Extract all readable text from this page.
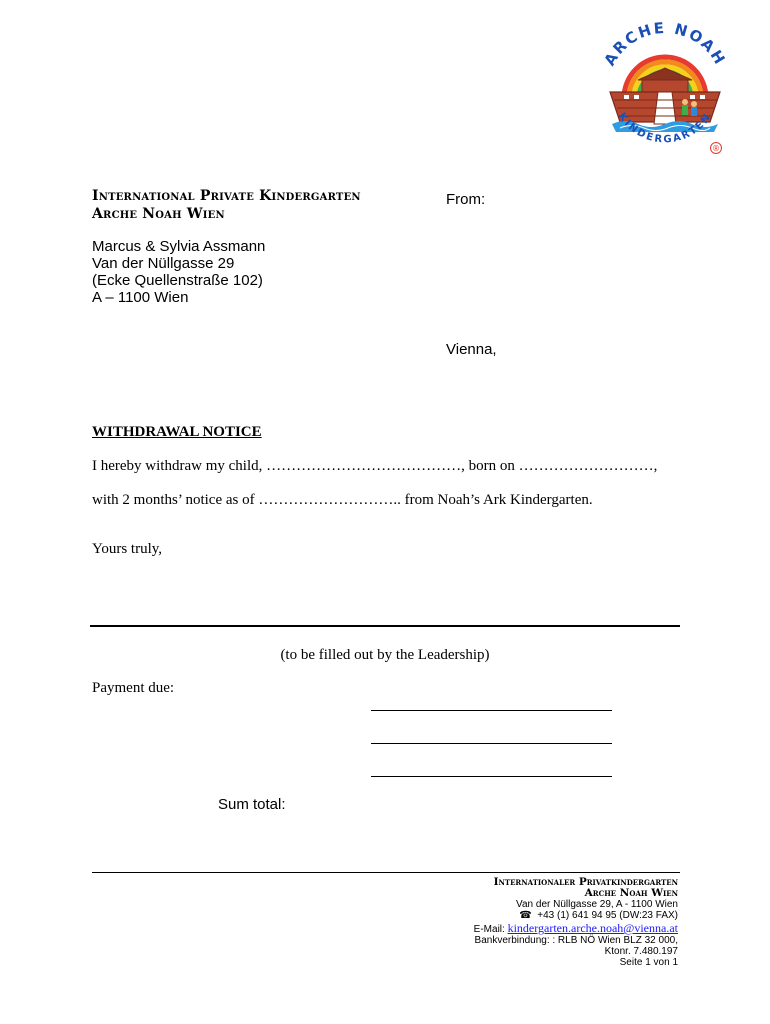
ARCHE NOAH
KINDERGARTEN
®
International Private Kindergarten
Arche Noah Wien
From:
Marcus & Sylvia Assmann
Van der Nüllgasse 29
(Ecke Quellenstraße 102)
A – 1100 Wien
Vienna,
WITHDRAWAL NOTICE
I hereby withdraw my child, …………………………………, born on ………………………,
with 2 months’ notice as of ……………………….. from Noah’s Ark Kindergarten.
Yours truly,
(to be filled out by the Leadership)
Payment due:
Sum total:
Internationaler Privatkindergarten
Arche Noah Wien
Van der Nüllgasse 29, A - 1100 Wien
☎  +43 (1) 641 94 95 (DW:23 FAX)
E-Mail: kindergarten.arche.noah@vienna.at
Bankverbindung: : RLB NÖ Wien BLZ 32 000,
Ktonr. 7.480.197
Seite 1 von 1
